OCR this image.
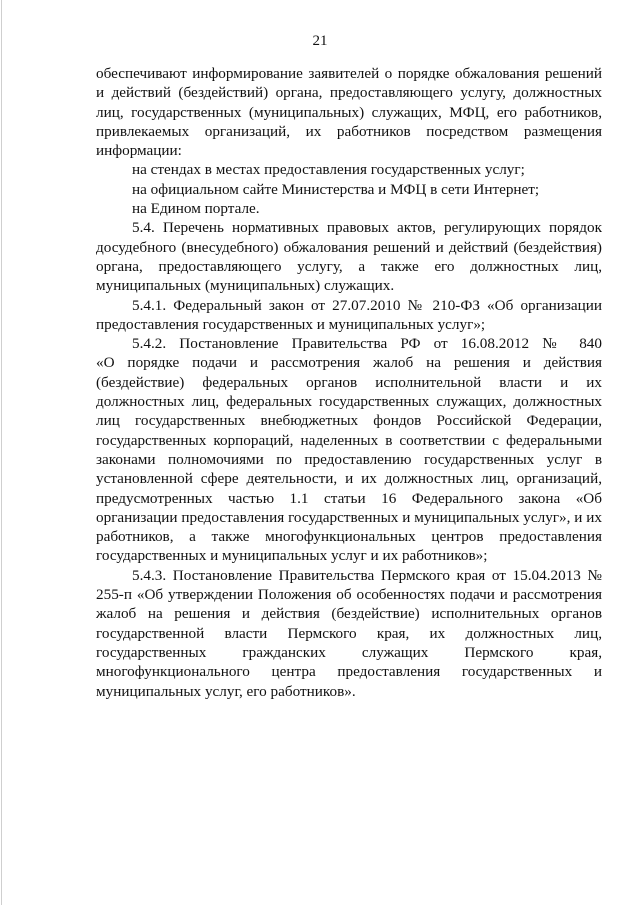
21
обеспечивают информирование заявителей о порядке обжалования решений
и действий (бездействий) органа, предоставляющего услугу, должностных
лиц, государственных (муниципальных) служащих, МФЦ, его работников,
привлекаемых организаций, их работников посредством размещения
информации:
на стендах в местах предоставления государственных услуг;
на официальном сайте Министерства и МФЦ в сети Интернет;
на Едином портале.
5.4. Перечень нормативных правовых актов, регулирующих порядок
досудебного (внесудебного) обжалования решений и действий (бездействия)
органа, предоставляющего услугу, а также его должностных лиц,
муниципальных (муниципальных) служащих.
5.4.1. Федеральный закон от 27.07.2010 № 210-ФЗ «Об организации
предоставления государственных и муниципальных услуг»;
5.4.2. Постановление Правительства РФ от 16.08.2012 № 840
«О порядке подачи и рассмотрения жалоб на решения и действия
(бездействие) федеральных органов исполнительной власти и их
должностных лиц, федеральных государственных служащих, должностных
лиц государственных внебюджетных фондов Российской Федерации,
государственных корпораций, наделенных в соответствии с федеральными
законами полномочиями по предоставлению государственных услуг в
установленной сфере деятельности, и их должностных лиц, организаций,
предусмотренных частью 1.1 статьи 16 Федерального закона «Об
организации предоставления государственных и муниципальных услуг», и их
работников, а также многофункциональных центров предоставления
государственных и муниципальных услуг и их работников»;
5.4.3. Постановление Правительства Пермского края от 15.04.2013 №
255-п «Об утверждении Положения об особенностях подачи и рассмотрения
жалоб на решения и действия (бездействие) исполнительных органов
государственной власти Пермского края, их должностных лиц,
государственных гражданских служащих Пермского края,
многофункционального центра предоставления государственных и
муниципальных услуг, его работников».
